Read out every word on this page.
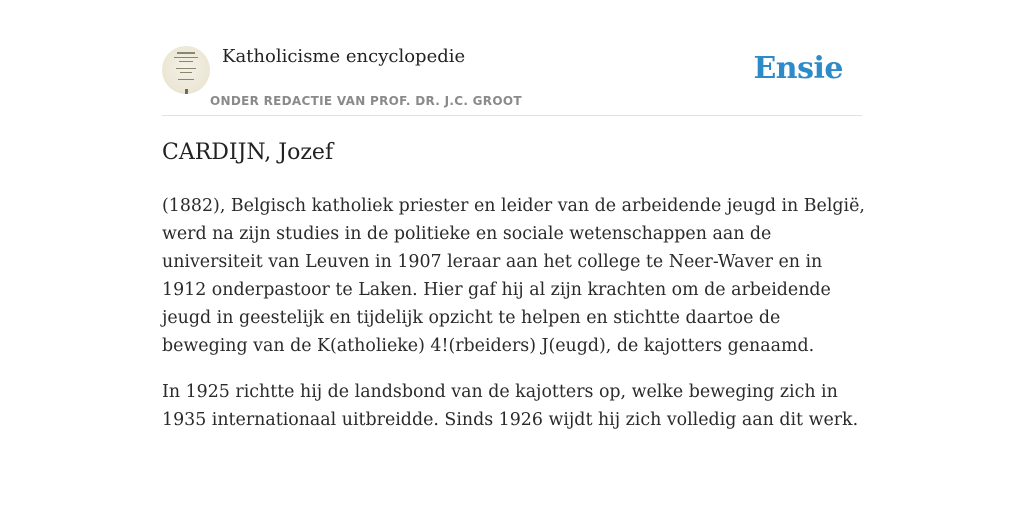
Katholicisme encyclopedie
ONDER REDACTIE VAN PROF. DR. J.C. GROOT
Ensie
CARDIJN, Jozef

(1882), Belgisch katholiek priester en leider van de arbeidende jeugd in België, werd na zijn studies in de politieke en sociale wetenschappen aan de universiteit van Leuven in 1907 leraar aan het college te Neer-Waver en in 1912 onderpastoor te Laken. Hier gaf hij al zijn krachten om de arbeidende jeugd in geestelijk en tijdelijk opzicht te helpen en stichtte daartoe de beweging van de K(atholieke) 4!(rbeiders) J(eugd), de kajotters genaamd.

In 1925 richtte hij de landsbond van de kajotters op, welke beweging zich in 1935 internationaal uitbreidde. Sinds 1926 wijdt hij zich volledig aan dit werk.
